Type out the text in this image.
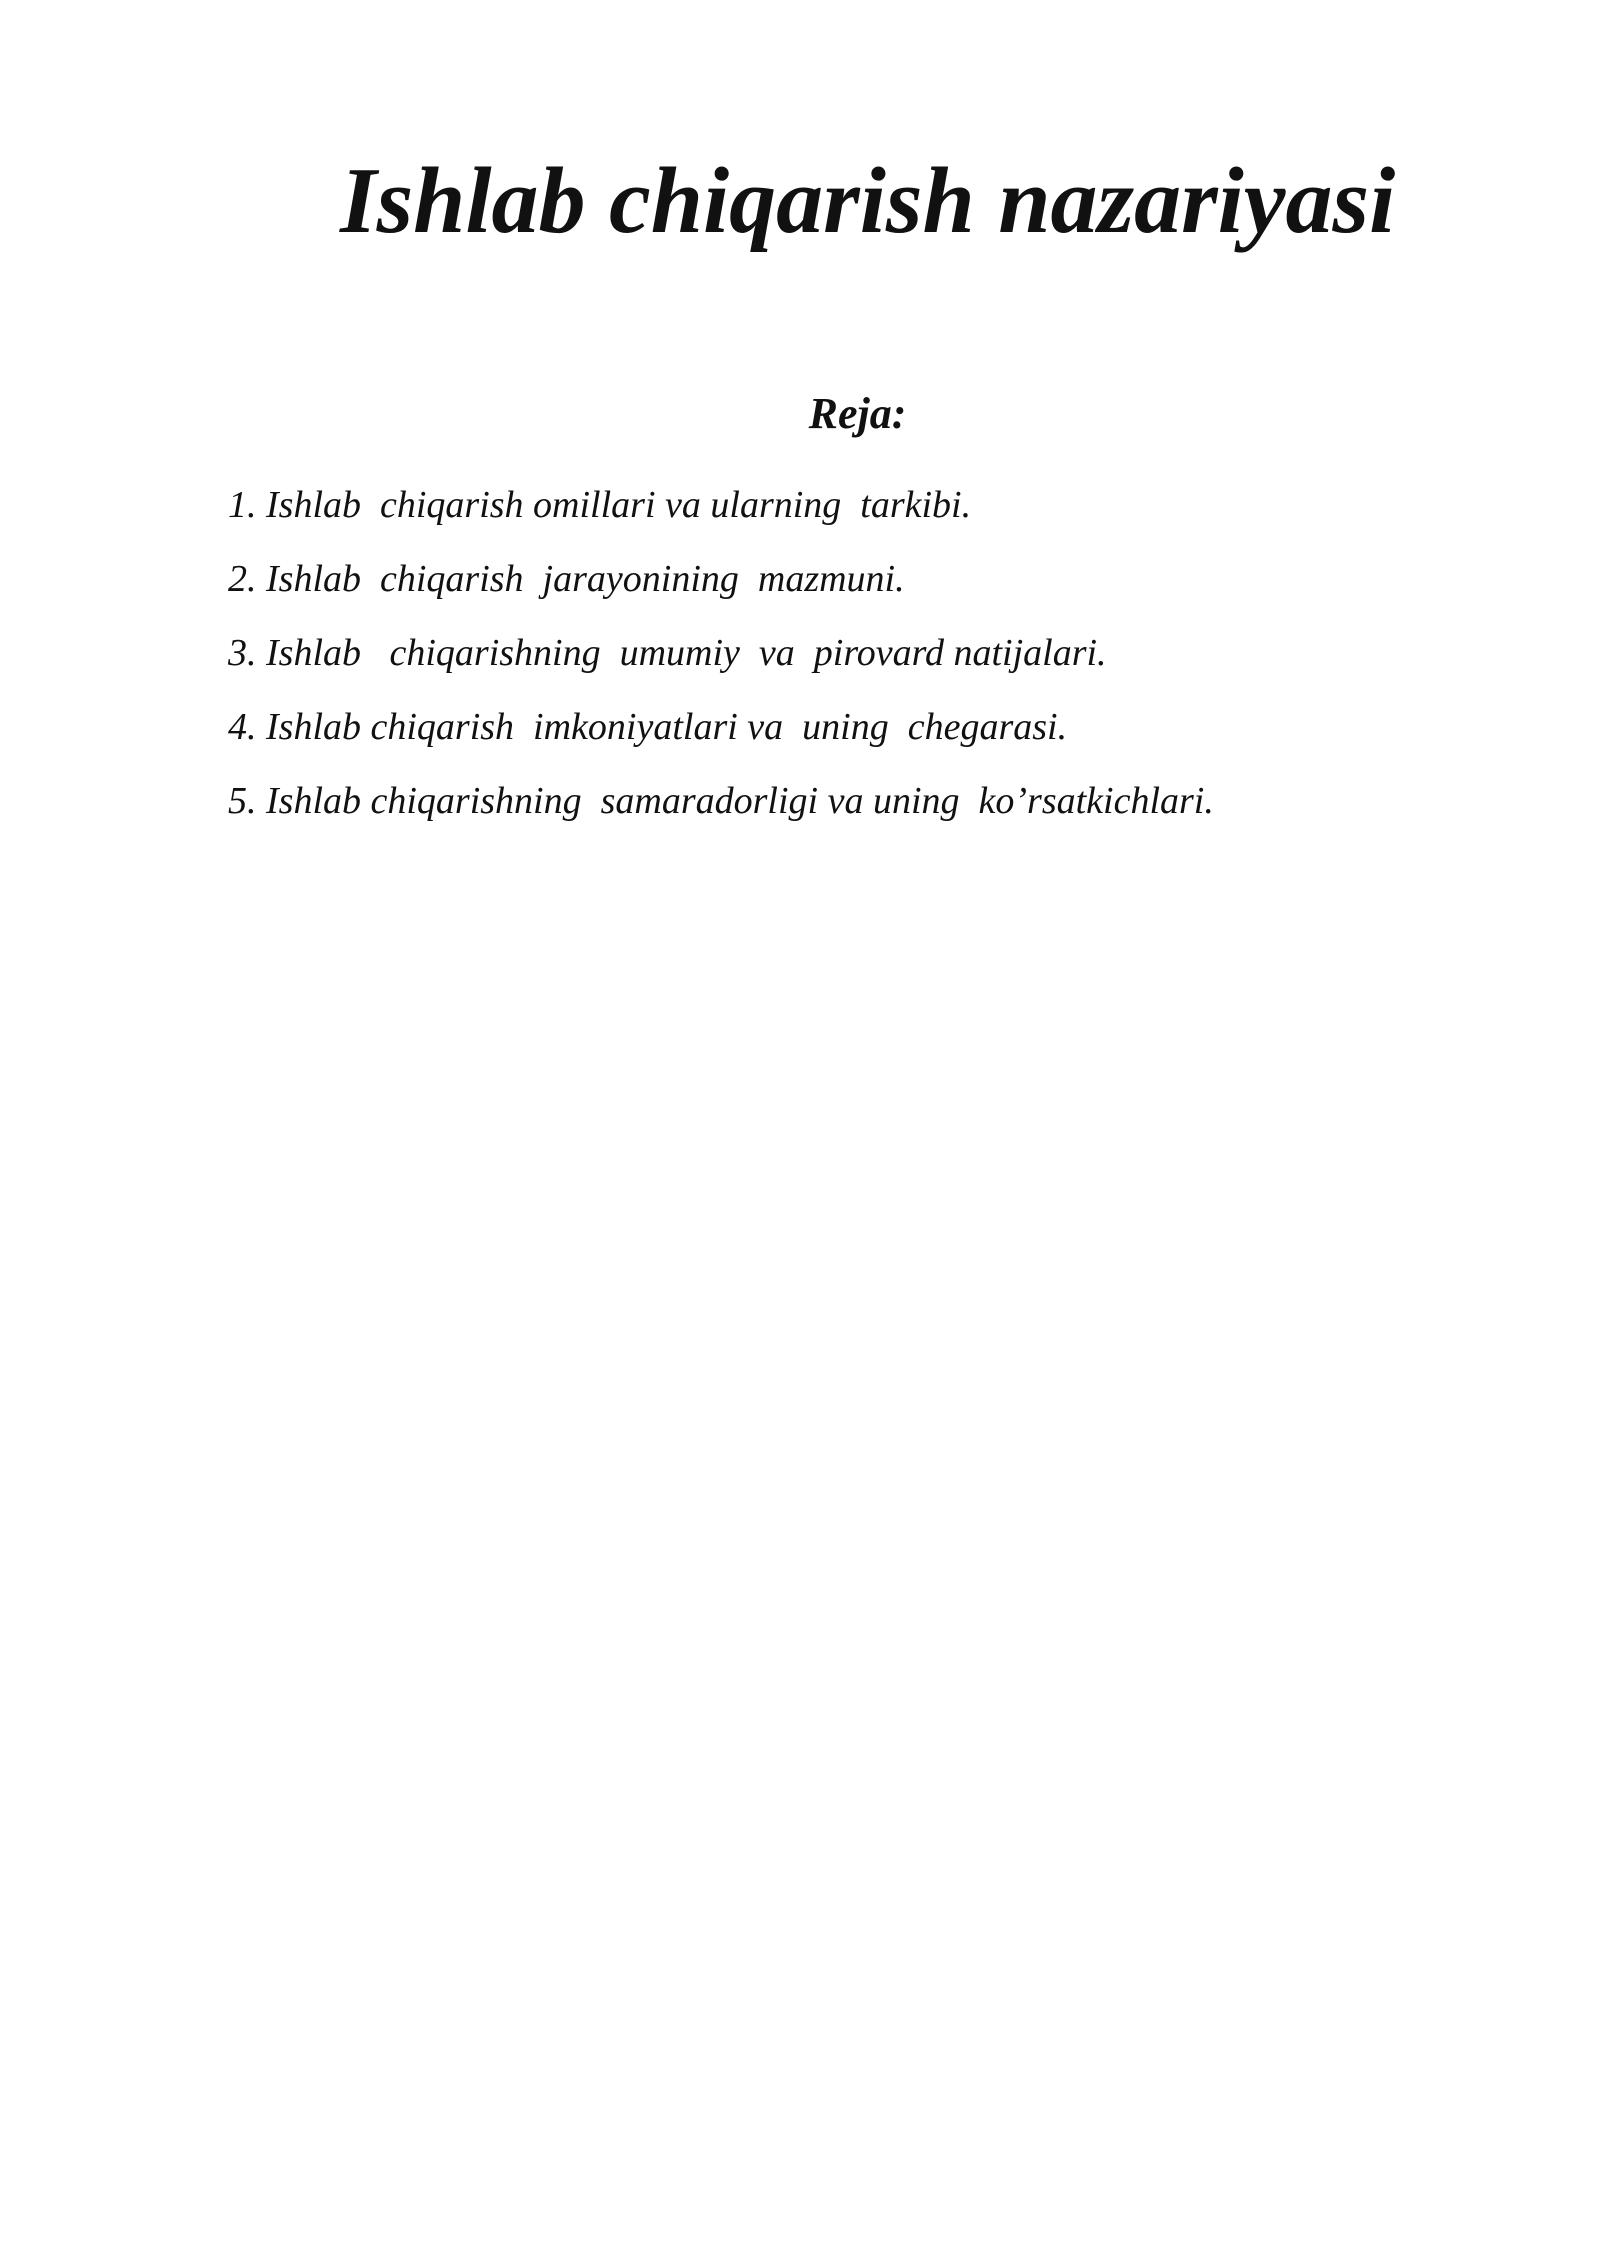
Ishlab chiqarish nazariyasi
Reja:
1. Ishlab  chiqarish omillari va ularning  tarkibi.
2. Ishlab  chiqarish  jarayonining  mazmuni.
3. Ishlab   chiqarishning  umumiy  va  pirovard natijalari.
4. Ishlab chiqarish  imkoniyatlari va  uning  chegarasi.
5. Ishlab chiqarishning  samaradorligi va uning  ko’rsatkichlari.
